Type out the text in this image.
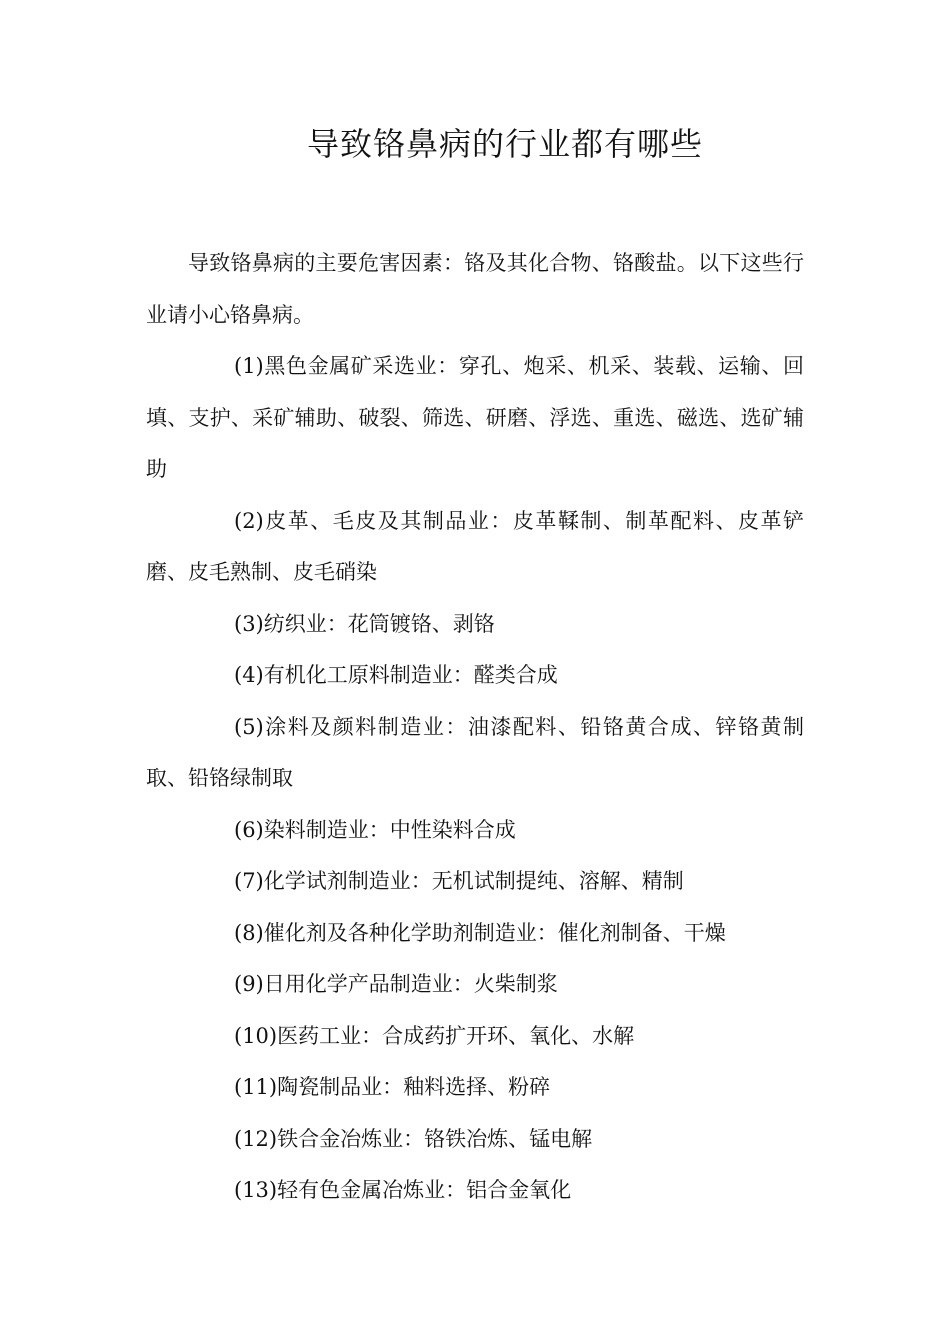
导致铬鼻病的行业都有哪些

导致铬鼻病的主要危害因素：铬及其化合物、铬酸盐。以下这些行业请小心铬鼻病。

(1)黑色金属矿采选业：穿孔、炮采、机采、装载、运输、回填、支护、采矿辅助、破裂、筛选、研磨、浮选、重选、磁选、选矿辅助

(2)皮革、毛皮及其制品业：皮革鞣制、制革配料、皮革铲磨、皮毛熟制、皮毛硝染

(3)纺织业：花筒镀铬、剥铬

(4)有机化工原料制造业：醛类合成

(5)涂料及颜料制造业：油漆配料、铅铬黄合成、锌铬黄制取、铅铬绿制取

(6)染料制造业：中性染料合成

(7)化学试剂制造业：无机试制提纯、溶解、精制

(8)催化剂及各种化学助剂制造业：催化剂制备、干燥

(9)日用化学产品制造业：火柴制浆

(10)医药工业：合成药扩开环、氧化、水解

(11)陶瓷制品业：釉料选择、粉碎

(12)铁合金冶炼业：铬铁冶炼、锰电解

(13)轻有色金属冶炼业：铝合金氧化
